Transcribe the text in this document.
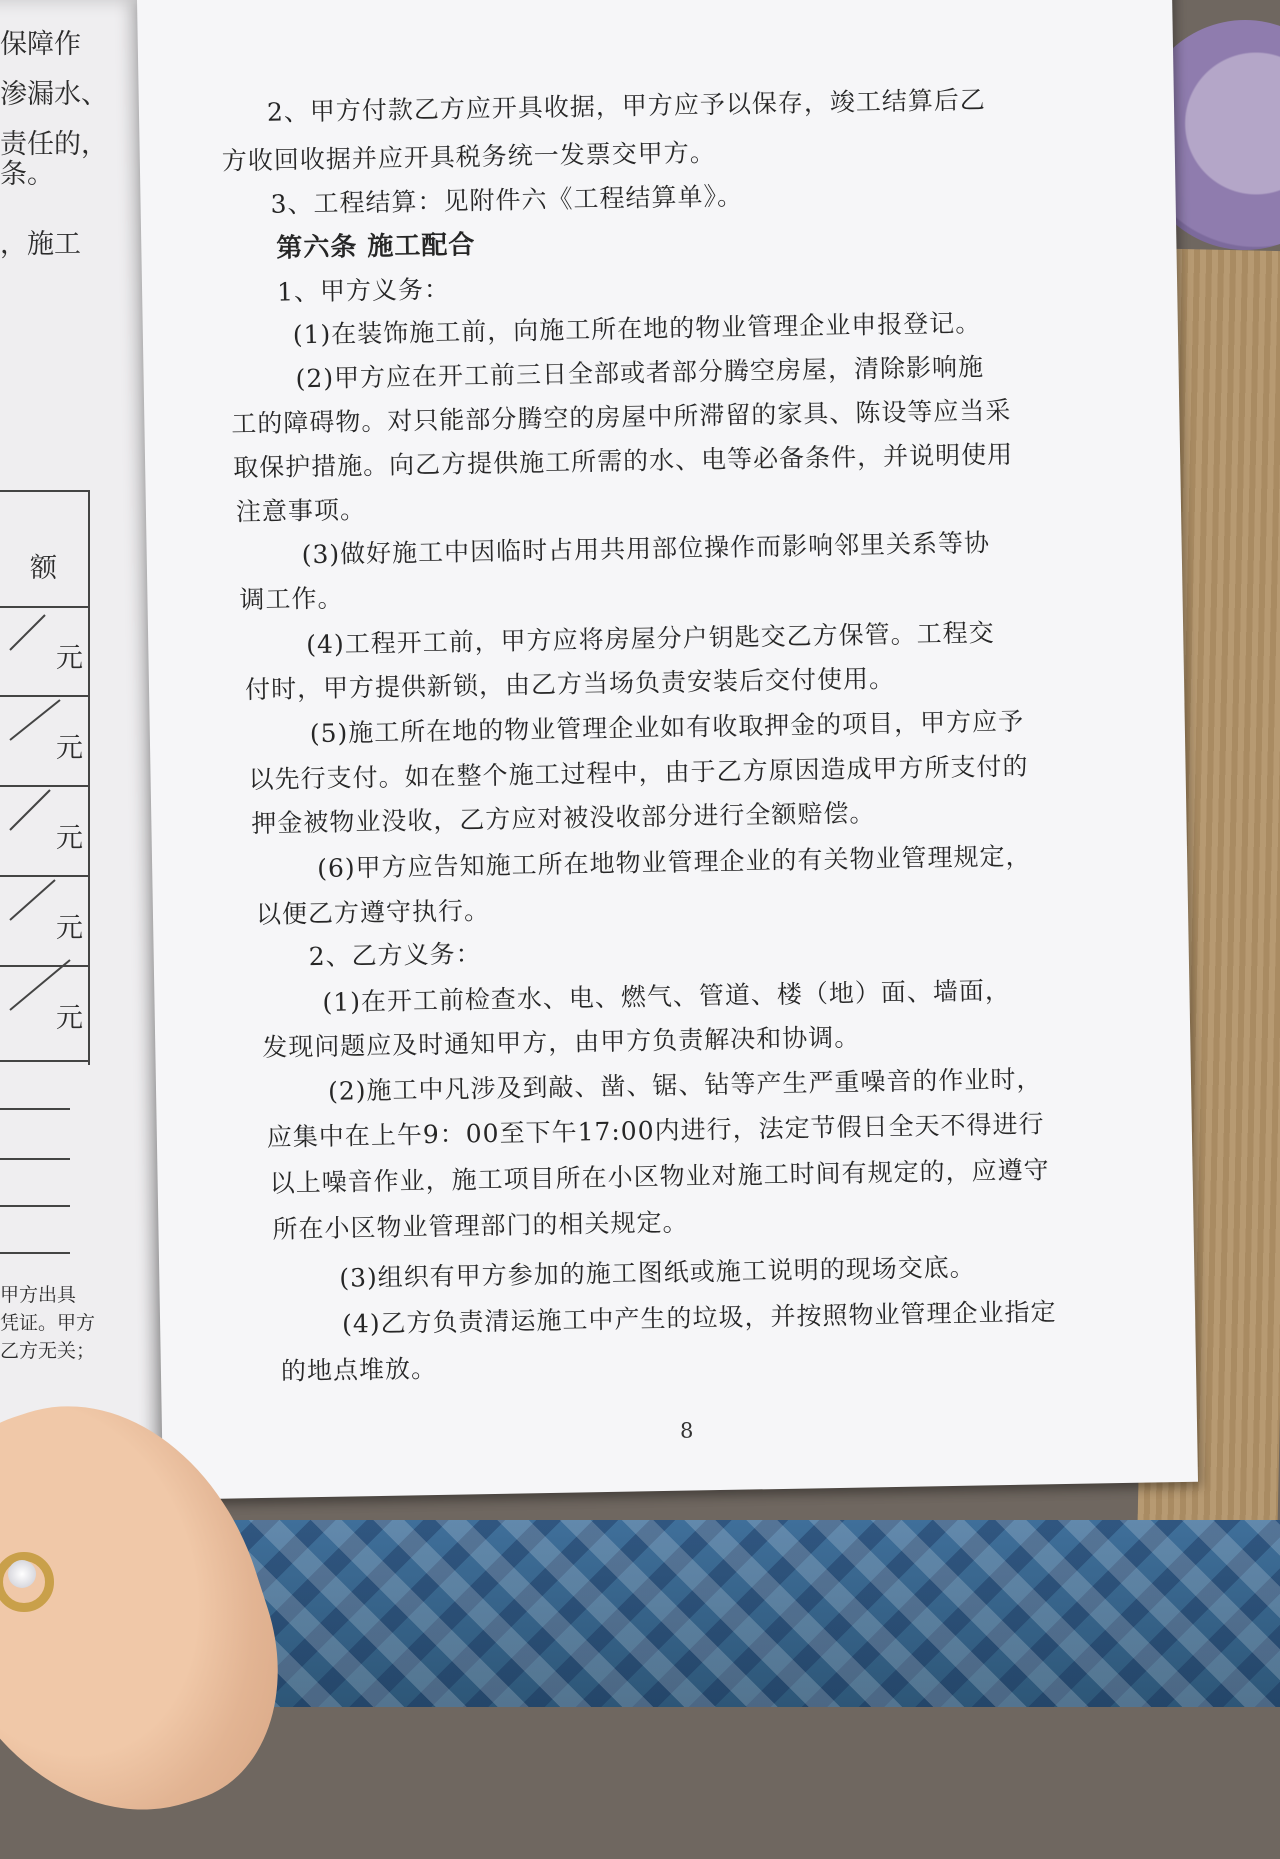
保障作
渗漏水、
责任的，
条。
，施工
额
元
元
元
元
元
甲方出具
凭证。甲方
乙方无关；
2、甲方付款乙方应开具收据，甲方应予以保存，竣工结算后乙
方收回收据并应开具税务统一发票交甲方。
3、工程结算：见附件六《工程结算单》。
第六条 施工配合
1、甲方义务：
(1)在装饰施工前，向施工所在地的物业管理企业申报登记。
(2)甲方应在开工前三日全部或者部分腾空房屋，清除影响施
工的障碍物。对只能部分腾空的房屋中所滞留的家具、陈设等应当采
取保护措施。向乙方提供施工所需的水、电等必备条件，并说明使用
注意事项。
(3)做好施工中因临时占用共用部位操作而影响邻里关系等协
调工作。
(4)工程开工前，甲方应将房屋分户钥匙交乙方保管。工程交
付时，甲方提供新锁，由乙方当场负责安装后交付使用。
(5)施工所在地的物业管理企业如有收取押金的项目，甲方应予
以先行支付。如在整个施工过程中，由于乙方原因造成甲方所支付的
押金被物业没收，乙方应对被没收部分进行全额赔偿。
(6)甲方应告知施工所在地物业管理企业的有关物业管理规定，
以便乙方遵守执行。
2、乙方义务：
(1)在开工前检查水、电、燃气、管道、楼（地）面、墙面，
发现问题应及时通知甲方，由甲方负责解决和协调。
(2)施工中凡涉及到敲、凿、锯、钻等产生严重噪音的作业时，
应集中在上午9：00至下午17:00内进行，法定节假日全天不得进行
以上噪音作业，施工项目所在小区物业对施工时间有规定的，应遵守
所在小区物业管理部门的相关规定。
(3)组织有甲方参加的施工图纸或施工说明的现场交底。
(4)乙方负责清运施工中产生的垃圾，并按照物业管理企业指定
的地点堆放。
8
